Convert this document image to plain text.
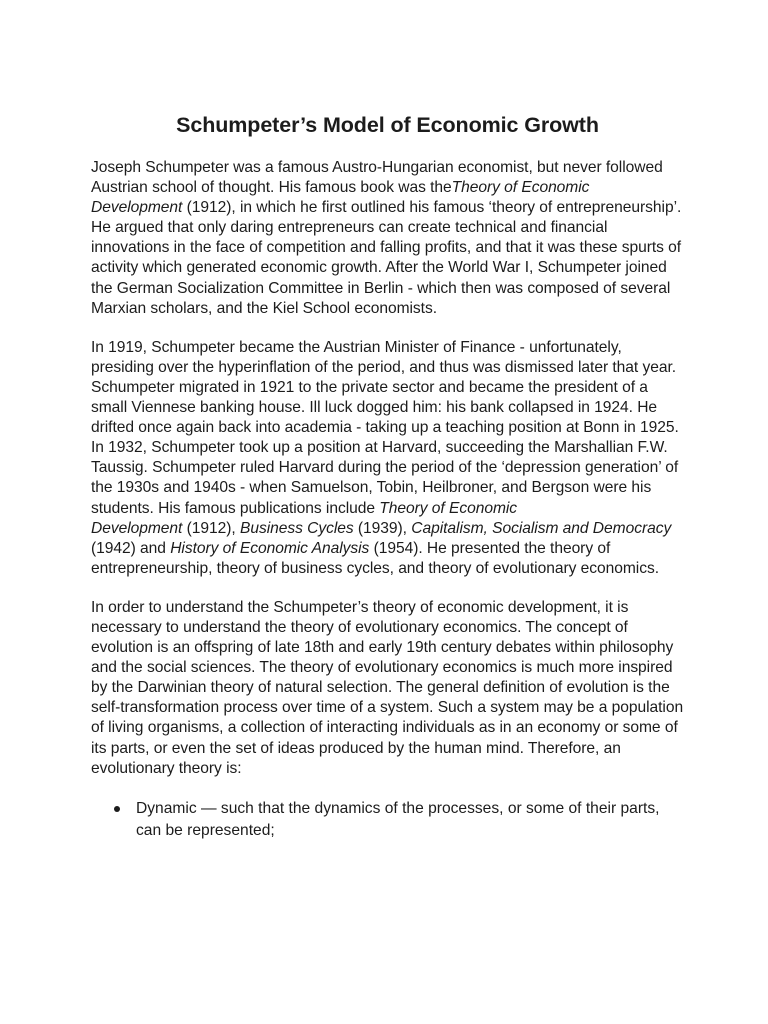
Schumpeter’s Model of Economic Growth

Joseph Schumpeter was a famous Austro-Hungarian economist, but never followed Austrian school of thought. His famous book was theTheory of Economic Development (1912), in which he first outlined his famous ‘theory of entrepreneurship’. He argued that only daring entrepreneurs can create technical and financial innovations in the face of competition and falling profits, and that it was these spurts of activity which generated economic growth. After the World War I, Schumpeter joined the German Socialization Committee in Berlin - which then was composed of several Marxian scholars, and the Kiel School economists.

In 1919, Schumpeter became the Austrian Minister of Finance - unfortunately, presiding over the hyperinflation of the period, and thus was dismissed later that year. Schumpeter migrated in 1921 to the private sector and became the president of a small Viennese banking house. Ill luck dogged him: his bank collapsed in 1924. He drifted once again back into academia - taking up a teaching position at Bonn in 1925. In 1932, Schumpeter took up a position at Harvard, succeeding the Marshallian F.W. Taussig. Schumpeter ruled Harvard during the period of the ‘depression generation’ of the 1930s and 1940s - when Samuelson, Tobin, Heilbroner, and Bergson were his students. His famous publications include Theory of Economic
Development (1912), Business Cycles (1939), Capitalism, Socialism and Democracy (1942) and History of Economic Analysis (1954). He presented the theory of entrepreneurship, theory of business cycles, and theory of evolutionary economics.

In order to understand the Schumpeter’s theory of economic development, it is necessary to understand the theory of evolutionary economics. The concept of evolution is an offspring of late 18th and early 19th century debates within philosophy and the social sciences. The theory of evolutionary economics is much more inspired by the Darwinian theory of natural selection. The general definition of evolution is the self-transformation process over time of a system. Such a system may be a population of living organisms, a collection of interacting individuals as in an economy or some of its parts, or even the set of ideas produced by the human mind. Therefore, an evolutionary theory is:

Dynamic — such that the dynamics of the processes, or some of their parts, can be represented;
